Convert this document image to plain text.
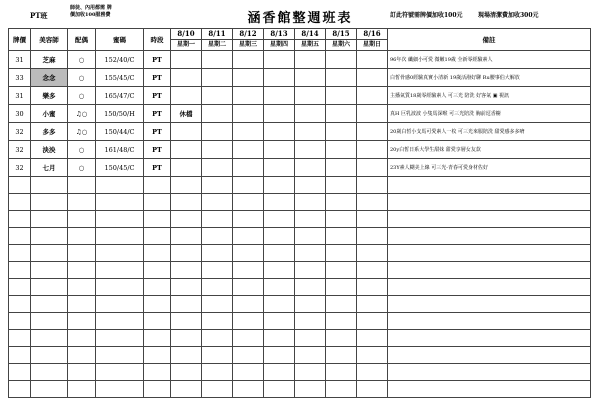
PT班
師徒、內用都需 牌
價加收100服務費	涵香館整週班表	訂此符號需牌價加收100元	現場清潔費加收300元
牌價	美容師	配偶	蜜碼	時段	8/10	8/11	8/12	8/13	8/14	8/15	8/16	備註
					星期一	星期二	星期三	星期四	星期五	星期六	星期日	
31	芝麻	○	152/40/C	PT								96年次 纖細小可愛 微嫩19歲 全新零經驗素人
33	念念	○	155/45/C	PT								白皙骨感0經驗真實小清新 19歲活潑好聊 Ru腰事伯大解放
31	樂多	○	165/47/C	PT								主播氣質18歲零經驗素人 可三光 陪洗 好客氣 ▣ 視訊
30	小蜜	♫○	150/50/H	PT	休檔							真H 巨乳波波 小隻馬深喉 可三光陪洗 胸前逗香櫥
32	多多	♫○	150/44/C	PT								20歲白皙小支馬可愛素人一枚 可三光來服陪洗 甜愛感多多唷
32	泱泱	○	161/48/C	PT								20y白皙日系大學生甜妹 甜愛享層女友款
32	七月	○	150/45/C	PT								23Y素人糊美上線 可三光-青春可愛身材佐好
